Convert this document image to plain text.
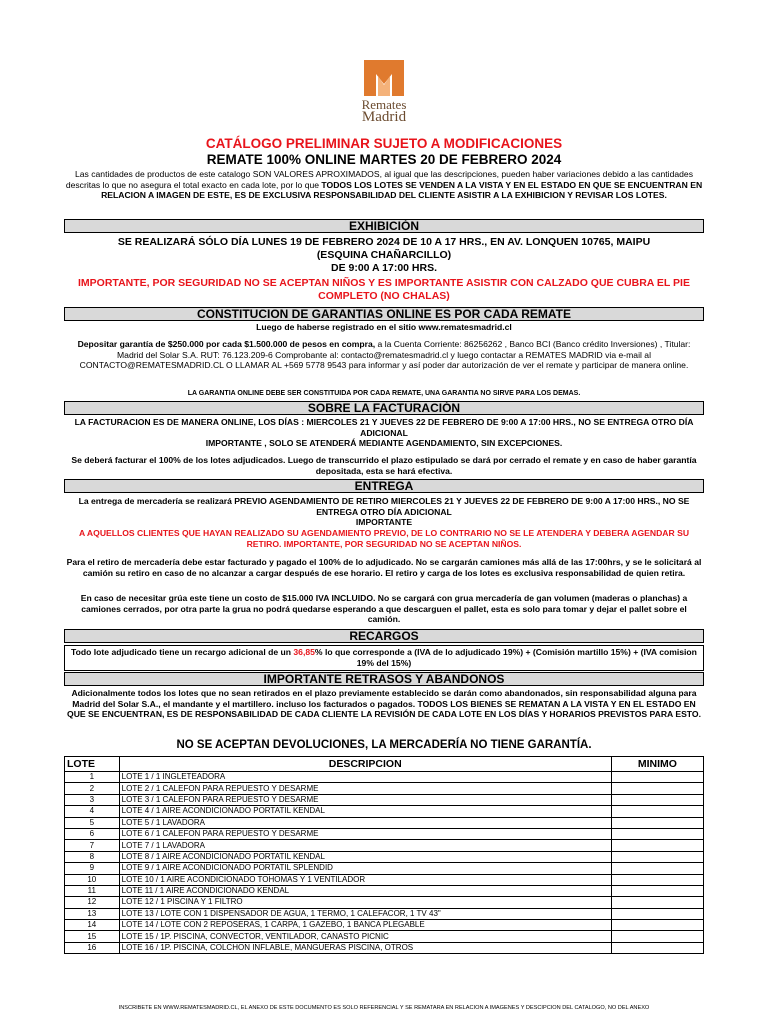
Remates
Madrid
CATÁLOGO PRELIMINAR SUJETO A MODIFICACIONES
REMATE 100% ONLINE MARTES 20 DE FEBRERO 2024
Las cantidades de productos de este catalogo SON VALORES APROXIMADOS, al igual que las descripciones, pueden haber variaciones debido a las cantidades descritas lo que no asegura el total exacto en cada lote, por lo que TODOS LOS LOTES SE VENDEN A LA VISTA Y EN EL ESTADO EN QUE SE ENCUENTRAN EN RELACION A IMAGEN DE ESTE, ES DE EXCLUSIVA RESPONSABILIDAD DEL CLIENTE ASISTIR A LA EXHIBICION Y REVISAR LOS LOTES.
EXHIBICIÓN
SE REALIZARÁ SÓLO DÍA LUNES 19 DE FEBRERO 2024 DE 10 A 17 HRS., EN AV. LONQUEN 10765, MAIPU
(ESQUINA CHAÑARCILLO)
DE 9:00 A 17:00 HRS.
IMPORTANTE, POR SEGURIDAD NO SE ACEPTAN NIÑOS Y ES IMPORTANTE ASISTIR CON CALZADO QUE CUBRA EL PIE COMPLETO (NO CHALAS)
CONSTITUCION DE GARANTIAS ONLINE ES POR CADA REMATE
Luego de haberse registrado en el sitio www.rematesmadrid.cl
Depositar garantía de $250.000 por cada $1.500.000 de pesos en compra, a la Cuenta Corriente: 86256262 , Banco BCI (Banco crédito Inversiones) , Titular: Madrid del Solar S.A. RUT: 76.123.209-6 Comprobante al: contacto@rematesmadrid.cl y luego contactar a REMATES MADRID via e-mail al CONTACTO@REMATESMADRID.CL O LLAMAR AL +569 5778 9543 para informar y así poder dar autorización de ver el remate y participar de manera online.
LA GARANTIA ONLINE DEBE SER CONSTITUIDA POR CADA REMATE, UNA GARANTIA NO SIRVE PARA LOS DEMAS.
SOBRE LA FACTURACIÓN
LA FACTURACION ES DE MANERA ONLINE, LOS DÍAS : MIERCOLES 21 Y JUEVES 22 DE FEBRERO DE 9:00 A 17:00 HRS., NO SE ENTREGA OTRO DÍA ADICIONAL
IMPORTANTE , SOLO SE ATENDERÁ MEDIANTE AGENDAMIENTO, SIN EXCEPCIONES.
Se deberá facturar el 100% de los lotes adjudicados. Luego de transcurrido el plazo estipulado se dará por cerrado el remate y en caso de haber garantía depositada, esta se hará efectiva.
ENTREGA
La entrega de mercadería se realizará PREVIO AGENDAMIENTO DE RETIRO MIERCOLES 21 Y JUEVES 22 DE FEBRERO DE 9:00 A 17:00 HRS., NO SE ENTREGA OTRO DÍA ADICIONAL
IMPORTANTE
A AQUELLOS CLIENTES QUE HAYAN REALIZADO SU AGENDAMIENTO PREVIO, DE LO CONTRARIO NO SE LE ATENDERA Y DEBERA AGENDAR SU RETIRO. IMPORTANTE, POR SEGURIDAD NO SE ACEPTAN NIÑOS.
Para el retiro de mercadería debe estar facturado y pagado el 100% de lo adjudicado. No se cargarán camiones más allá de las 17:00hrs, y se le solicitará al camión su retiro en caso de no alcanzar a cargar después de ese horario. El retiro y carga de los lotes es exclusiva responsabilidad de quien retira.
En caso de necesitar grúa este tiene un costo de $15.000 IVA INCLUIDO. No se cargará con grua mercadería de gan volumen (maderas o planchas) a camiones cerrados, por otra parte la grua no podrá quedarse esperando a que descarguen el pallet, esta es solo para tomar y dejar el pallet sobre el camión.
RECARGOS
Todo lote adjudicado tiene un recargo adicional de un 36,85% lo que corresponde a (IVA de lo adjudicado 19%) + (Comisión martillo 15%) + (IVA comision 19% del 15%)
IMPORTANTE RETRASOS Y ABANDONOS
Adicionalmente todos los lotes que no sean retirados en el plazo previamente establecido se darán como abandonados, sin responsabilidad alguna para Madrid del Solar S.A., el mandante y el martillero. incluso los facturados o pagados. TODOS LOS BIENES SE REMATAN A LA VISTA Y EN EL ESTADO EN QUE SE ENCUENTRAN, ES DE RESPONSABILIDAD DE CADA CLIENTE LA REVISIÓN DE CADA LOTE EN LOS DÍAS Y HORARIOS PREVISTOS PARA ESTO.
NO SE ACEPTAN DEVOLUCIONES, LA MERCADERÍA NO TIENE GARANTÍA.
LOTE	DESCRIPCION	MINIMO
1	LOTE 1 / 1 INGLETEADORA	
2	LOTE 2 / 1 CALEFON PARA REPUESTO Y DESARME	
3	LOTE 3 / 1 CALEFON PARA REPUESTO Y DESARME	
4	LOTE 4 / 1 AIRE ACONDICIONADO PORTATIL KENDAL	
5	LOTE 5 / 1 LAVADORA	
6	LOTE 6 / 1 CALEFON PARA REPUESTO Y DESARME	
7	LOTE 7 / 1 LAVADORA	
8	LOTE 8 / 1 AIRE ACONDICIONADO PORTATIL KENDAL	
9	LOTE 9 / 1 AIRE ACONDICIONADO PORTATIL SPLENDID	
10	LOTE 10 / 1 AIRE ACONDICIONADO TOHOMAS Y 1 VENTILADOR	
11	LOTE 11 / 1 AIRE ACONDICIONADO KENDAL	
12	LOTE 12 / 1 PISCINA Y 1 FILTRO	
13	LOTE 13 / LOTE CON 1 DISPENSADOR DE AGUA, 1 TERMO, 1 CALEFACOR, 1 TV 43"	
14	LOTE 14 / LOTE CON 2 REPOSERAS, 1 CARPA, 1 GAZEBO, 1 BANCA PLEGABLE	
15	LOTE 15 / 1P. PISCINA, CONVECTOR, VENTILADOR, CANASTO PICNIC	
16	LOTE 16 / 1P. PISCINA, COLCHON INFLABLE, MANGUERAS PISCINA, OTROS	
INSCRIBETE EN WWW.REMATESMADRID.CL, EL ANEXO DE ESTE DOCUMENTO ES SOLO REFERENCIAL Y SE REMATARA EN RELACION A IMAGENES Y DESCIPCION DEL CATALOGO, NO DEL ANEXO
